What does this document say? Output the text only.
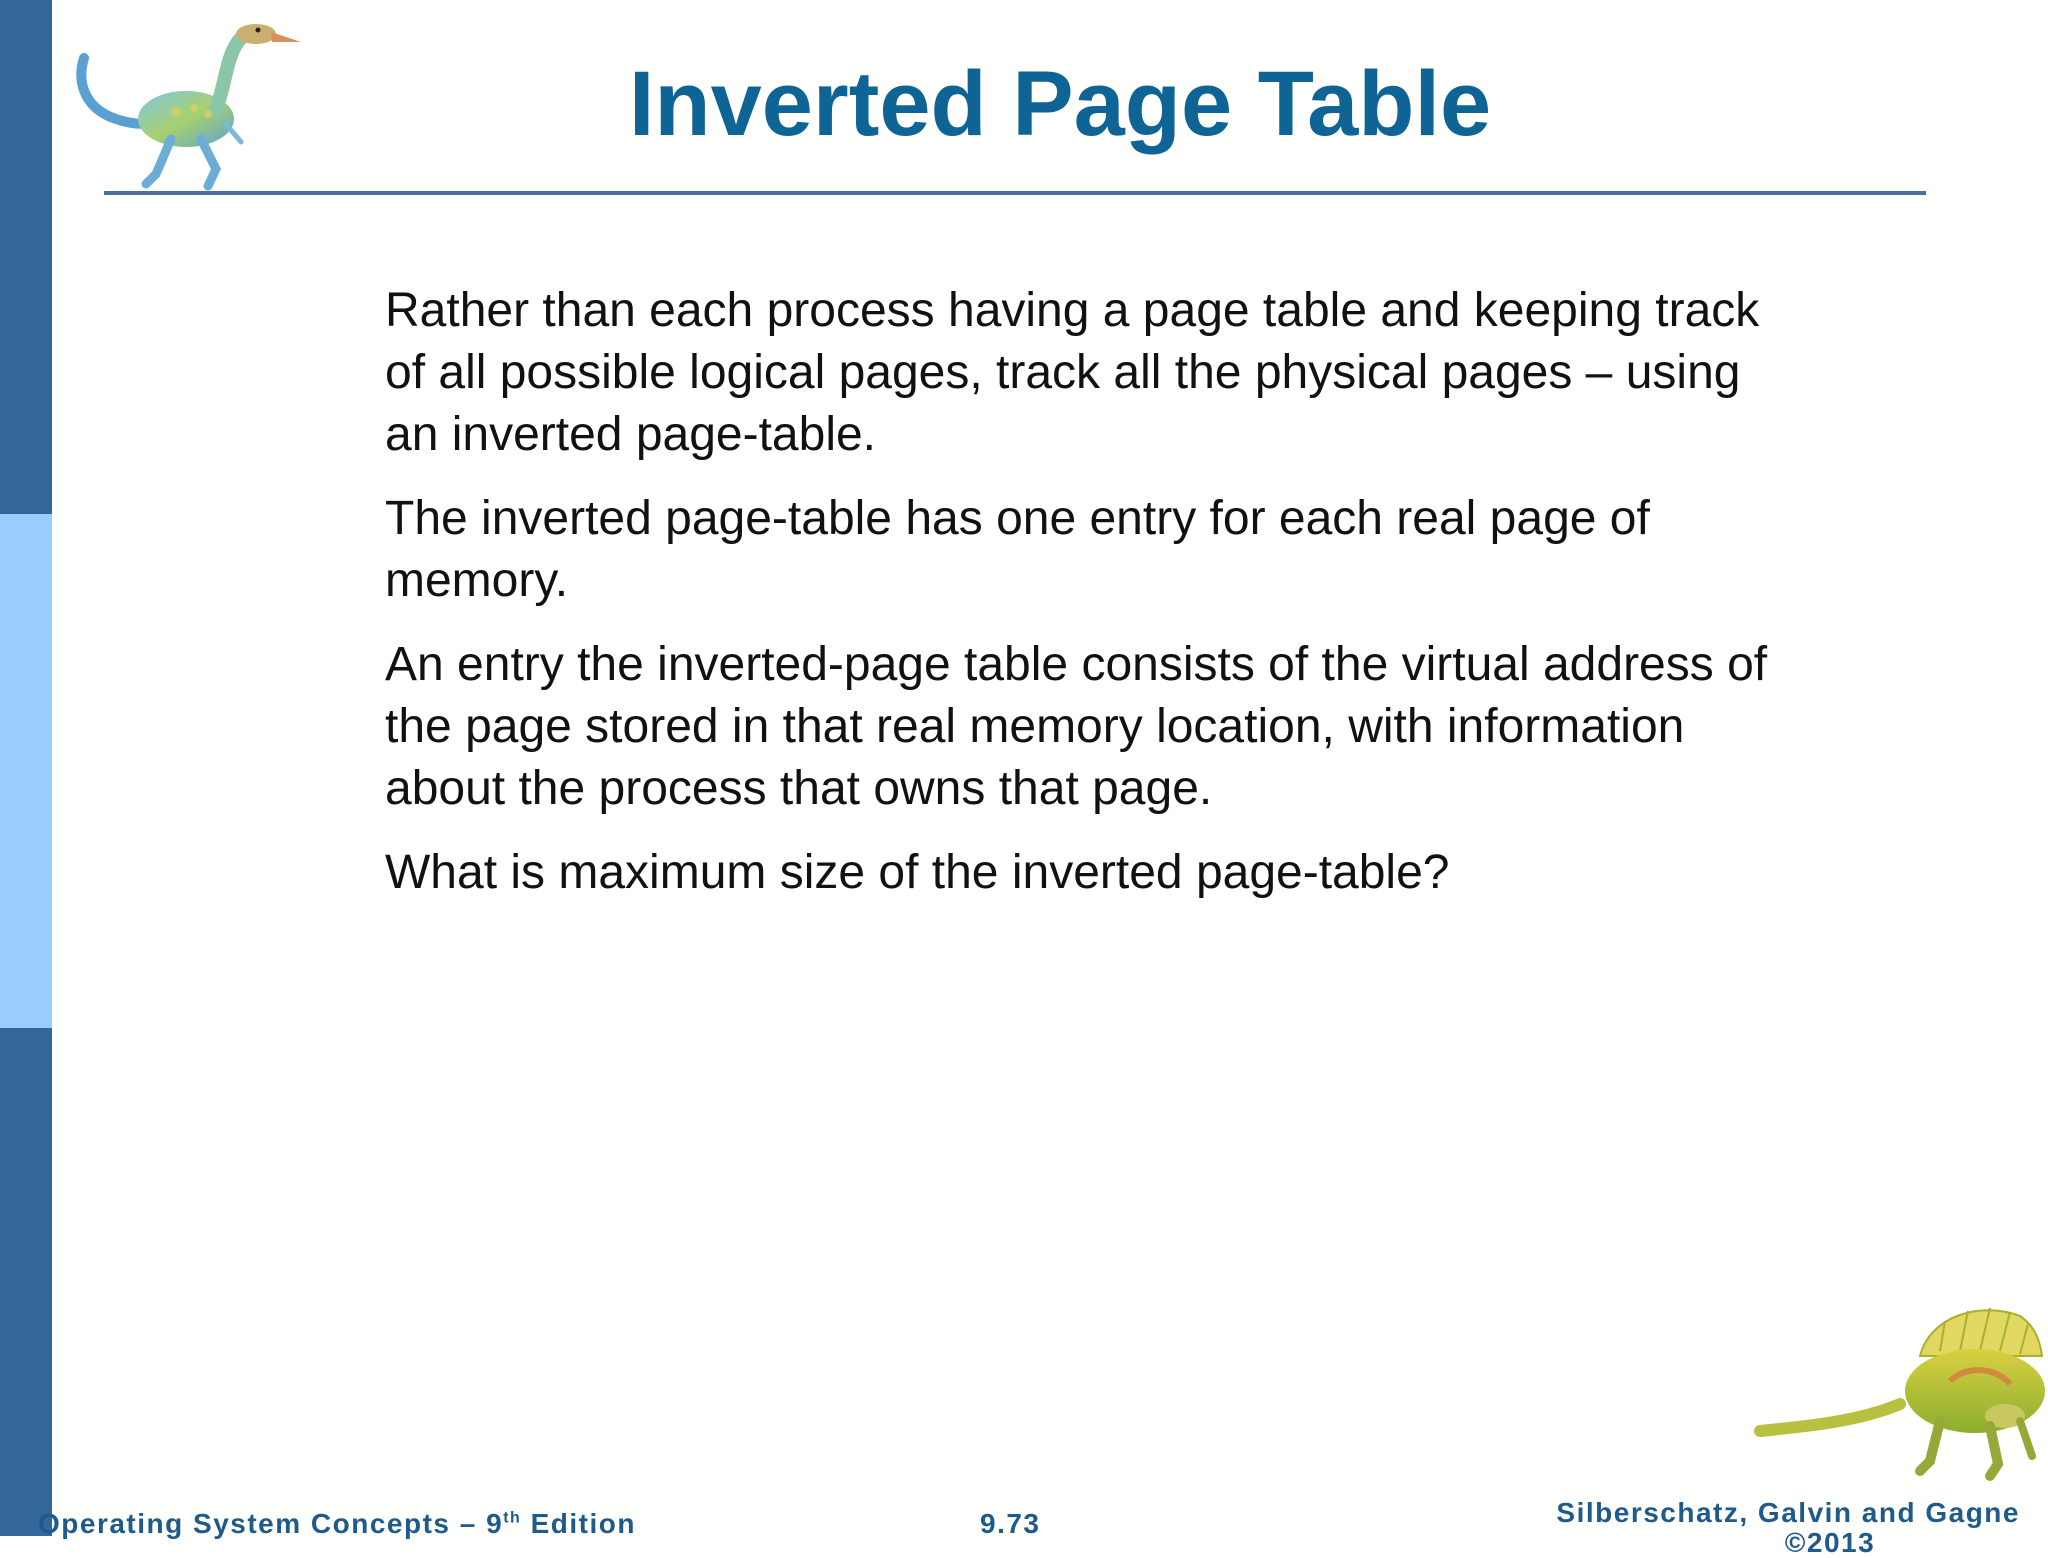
Inverted Page Table

Rather than each process having a page table and keeping track of all possible logical pages, track all the physical pages – using an inverted page-table.

The inverted page-table has one entry for each real page of memory.

An entry the inverted-page table consists of the virtual address of the page stored in that real memory location, with information about the process that owns that page.

What is maximum size of the inverted page-table?

Operating System Concepts – 9th Edition	9.73	Silberschatz, Galvin and Gagne
©2013
